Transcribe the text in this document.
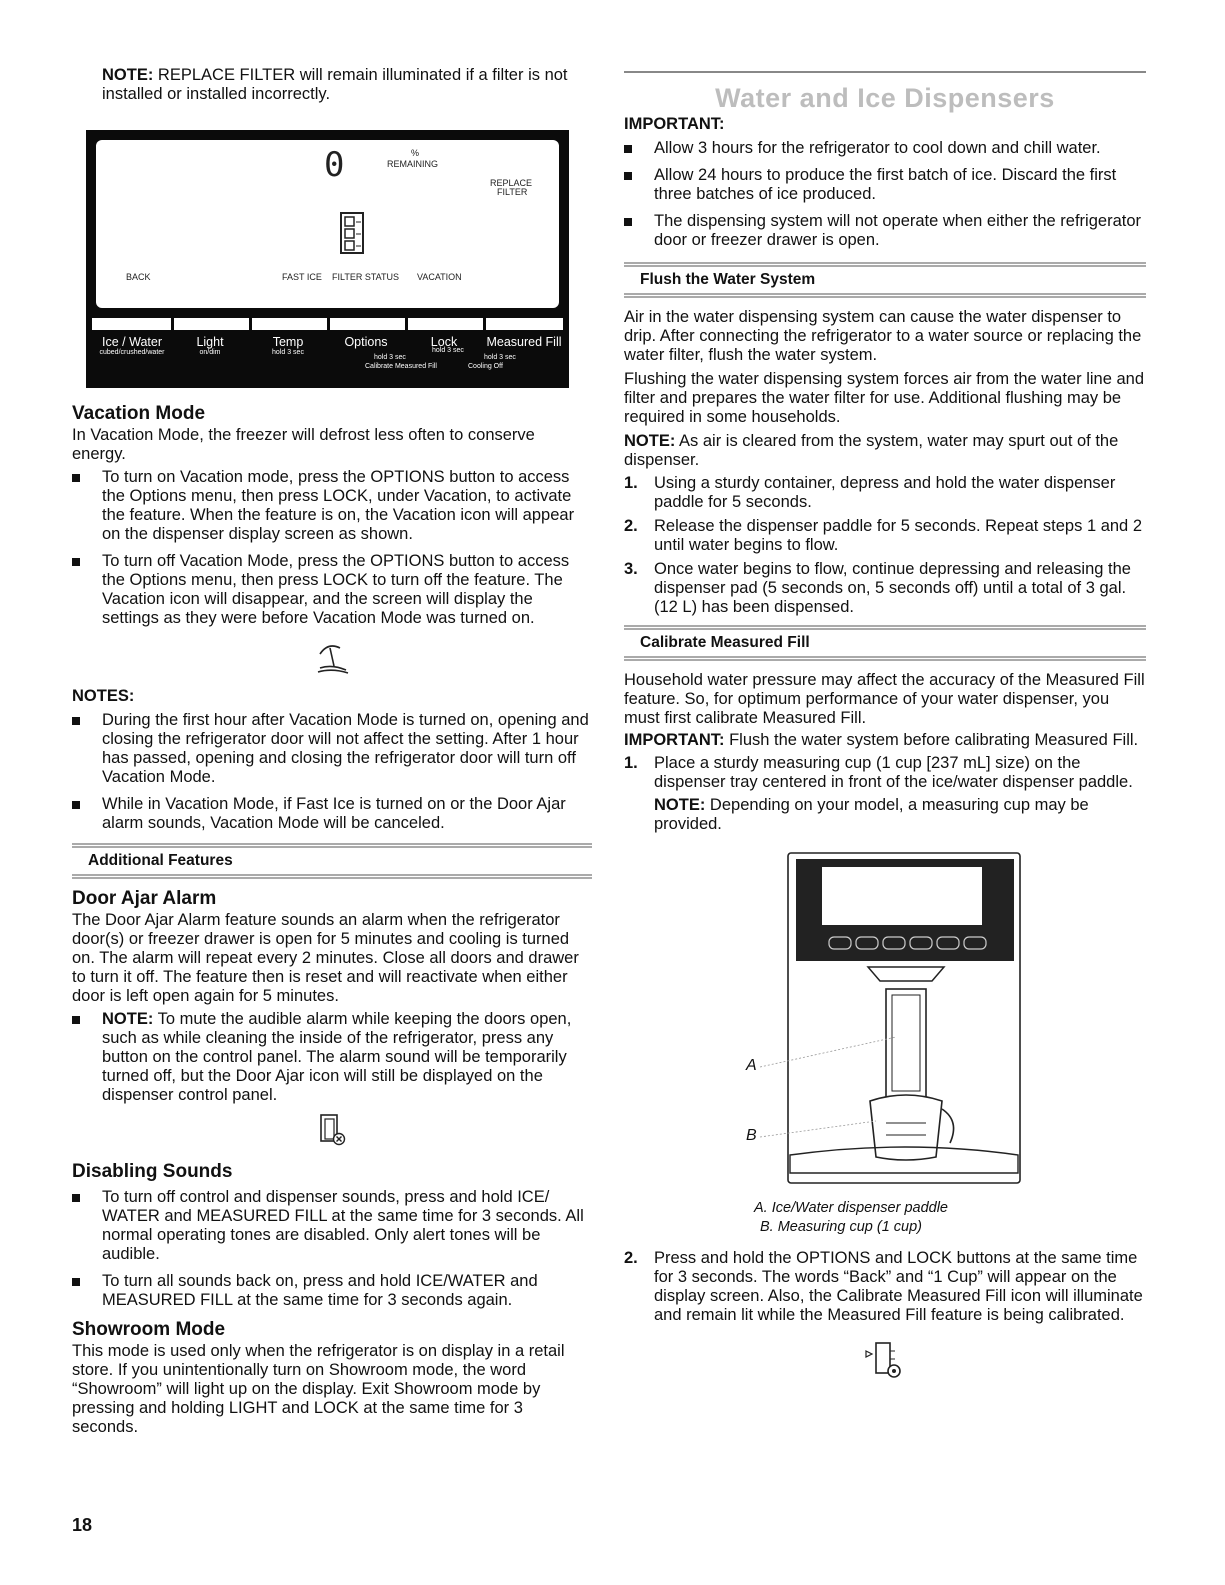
NOTE: REPLACE FILTER will remain illuminated if a filter is not installed or installed incorrectly.

0	%
REMAINING
REPLACE
FILTER
BACK	FAST ICE FILTER STATUS VACATION
Ice / Water
cubed/crushed/water
Light
on/dim
Temp
hold 3 sec
Options	Lock	Measured Fill
hold 3 sec
hold 3 sec
hold 3 sec
Calibrate Measured Fill	Cooling Off
Vacation Mode

In Vacation Mode, the freezer will defrost less often to conserve energy.

To turn on Vacation mode, press the OPTIONS button to access the Options menu, then press LOCK, under Vacation, to activate the feature. When the feature is on, the Vacation icon will appear on the dispenser display screen as shown.
To turn off Vacation Mode, press the OPTIONS button to access the Options menu, then press LOCK to turn off the feature. The Vacation icon will disappear, and the screen will display the settings as they were before Vacation Mode was turned on.
NOTES:
During the first hour after Vacation Mode is turned on, opening and closing the refrigerator door will not affect the setting. After 1 hour has passed, opening and closing the refrigerator door will turn off Vacation Mode.
While in Vacation Mode, if Fast Ice is turned on or the Door Ajar alarm sounds, Vacation Mode will be canceled.
Additional Features
Door Ajar Alarm

The Door Ajar Alarm feature sounds an alarm when the refrigerator door(s) or freezer drawer is open for 5 minutes and cooling is turned on. The alarm will repeat every 2 minutes. Close all doors and drawer to turn it off. The feature then is reset and will reactivate when either door is left open again for 5 minutes.

NOTE: To mute the audible alarm while keeping the doors open, such as while cleaning the inside of the refrigerator, press any button on the control panel. The alarm sound will be temporarily turned off, but the Door Ajar icon will still be displayed on the dispenser control panel.
Disabling Sounds
To turn off control and dispenser sounds, press and hold ICE/ WATER and MEASURED FILL at the same time for 3 seconds. All normal operating tones are disabled. Only alert tones will be audible.
To turn all sounds back on, press and hold ICE/WATER and MEASURED FILL at the same time for 3 seconds again.
Showroom Mode

This mode is used only when the refrigerator is on display in a retail store. If you unintentionally turn on Showroom mode, the word “Showroom” will light up on the display. Exit Showroom mode by pressing and holding LIGHT and LOCK at the same time for 3 seconds.

Water and Ice Dispensers
IMPORTANT:
Allow 3 hours for the refrigerator to cool down and chill water.
Allow 24 hours to produce the first batch of ice. Discard the first three batches of ice produced.
The dispensing system will not operate when either the refrigerator door or freezer drawer is open.
Flush the Water System

Air in the water dispensing system can cause the water dispenser to drip. After connecting the refrigerator to a water source or replacing the water filter, flush the water system.

Flushing the water dispensing system forces air from the water line and filter and prepares the water filter for use. Additional flushing may be required in some households.

NOTE: As air is cleared from the system, water may spurt out of the dispenser.

1. Using a sturdy container, depress and hold the water dispenser paddle for 5 seconds.
2. Release the dispenser paddle for 5 seconds. Repeat steps 1 and 2 until water begins to flow.
3. Once water begins to flow, continue depressing and releasing the dispenser pad (5 seconds on, 5 seconds off) until a total of 3 gal. (12 L) has been dispensed.
Calibrate Measured Fill

Household water pressure may affect the accuracy of the Measured Fill feature. So, for optimum performance of your water dispenser, you must first calibrate Measured Fill.

IMPORTANT: Flush the water system before calibrating Measured Fill.

1. Place a sturdy measuring cup (1 cup [237 mL] size) on the dispenser tray centered in front of the ice/water dispenser paddle.
NOTE: Depending on your model, a measuring cup may be provided.
A
B
A. Ice/Water dispenser paddle
B. Measuring cup (1 cup)
2. Press and hold the OPTIONS and LOCK buttons at the same time for 3 seconds. The words “Back” and “1 Cup” will appear on the display screen. Also, the Calibrate Measured Fill icon will illuminate and remain lit while the Measured Fill feature is being calibrated.
18
